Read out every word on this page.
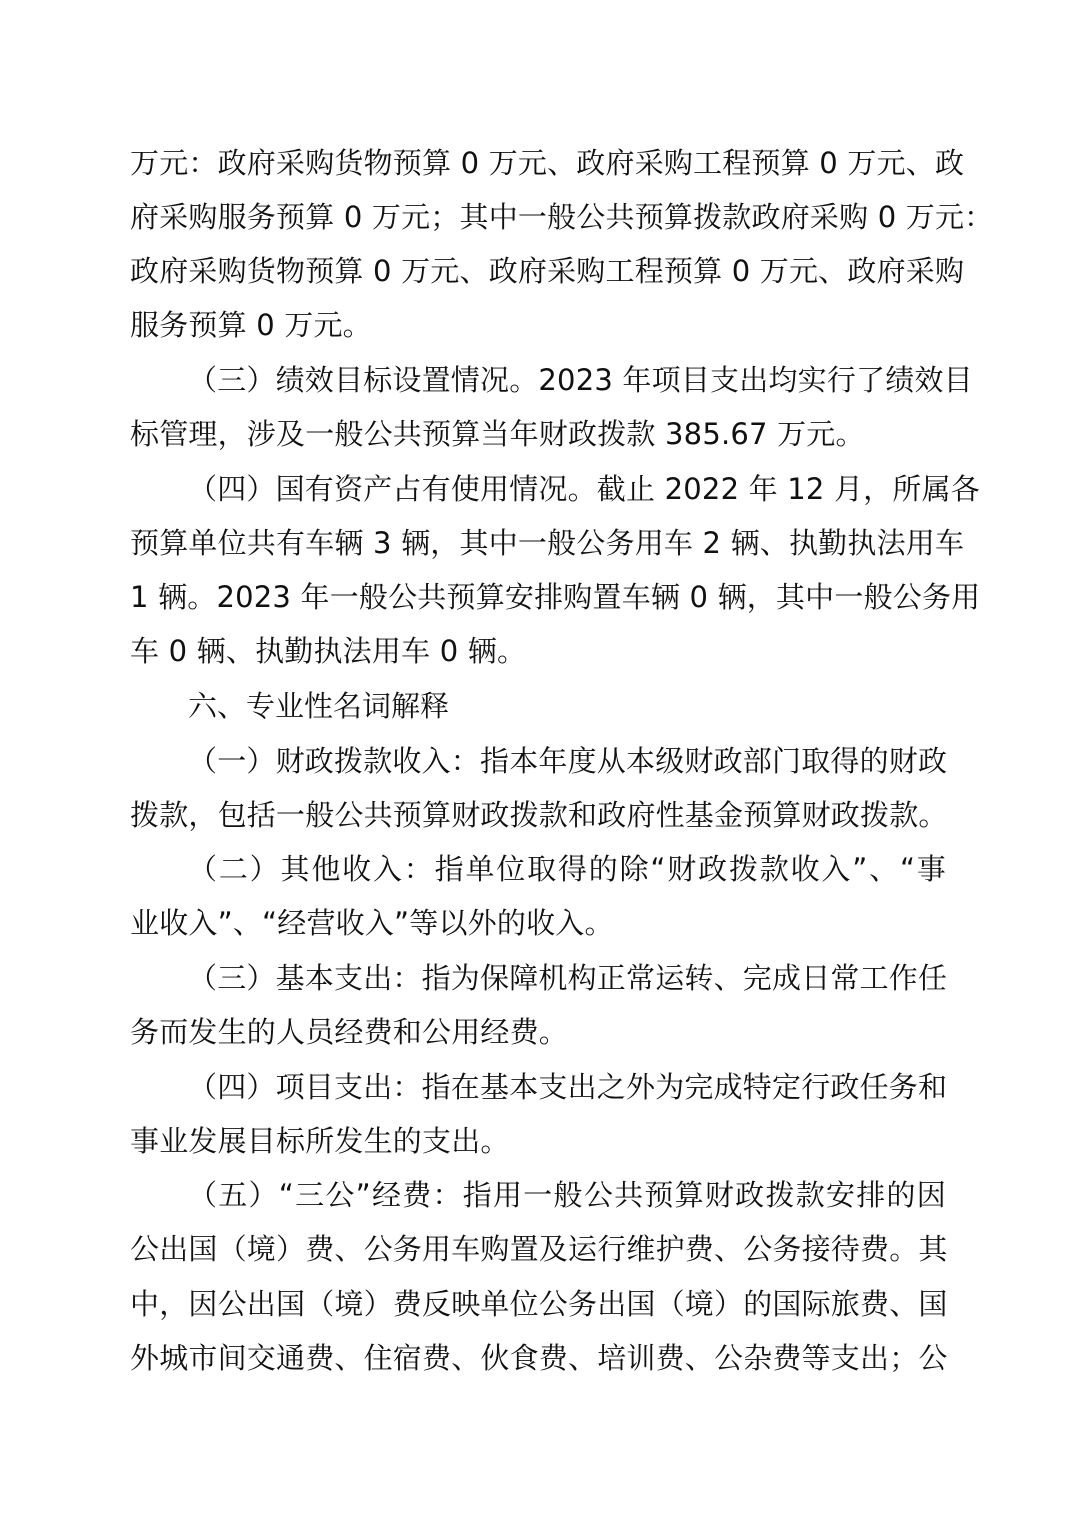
万元：政府采购货物预算 0 万元、政府采购工程预算 0 万元、政
府采购服务预算 0 万元；其中一般公共预算拨款政府采购 0 万元：
政府采购货物预算 0 万元、政府采购工程预算 0 万元、政府采购
服务预算 0 万元。
（三）绩效目标设置情况。2023 年项目支出均实行了绩效目
标管理，涉及一般公共预算当年财政拨款 385.67 万元。
（四）国有资产占有使用情况。截止 2022 年 12 月，所属各
预算单位共有车辆 3 辆，其中一般公务用车 2 辆、执勤执法用车
1 辆。2023 年一般公共预算安排购置车辆 0 辆，其中一般公务用
车 0 辆、执勤执法用车 0 辆。
六、专业性名词解释
（一）财政拨款收入：指本年度从本级财政部门取得的财政
拨款，包括一般公共预算财政拨款和政府性基金预算财政拨款。
（二）其他收入：指单位取得的除“财政拨款收入”、“事
业收入”、“经营收入”等以外的收入。
（三）基本支出：指为保障机构正常运转、完成日常工作任
务而发生的人员经费和公用经费。
（四）项目支出：指在基本支出之外为完成特定行政任务和
事业发展目标所发生的支出。
（五）“三公”经费：指用一般公共预算财政拨款安排的因
公出国（境）费、公务用车购置及运行维护费、公务接待费。其
中，因公出国（境）费反映单位公务出国（境）的国际旅费、国
外城市间交通费、住宿费、伙食费、培训费、公杂费等支出；公
